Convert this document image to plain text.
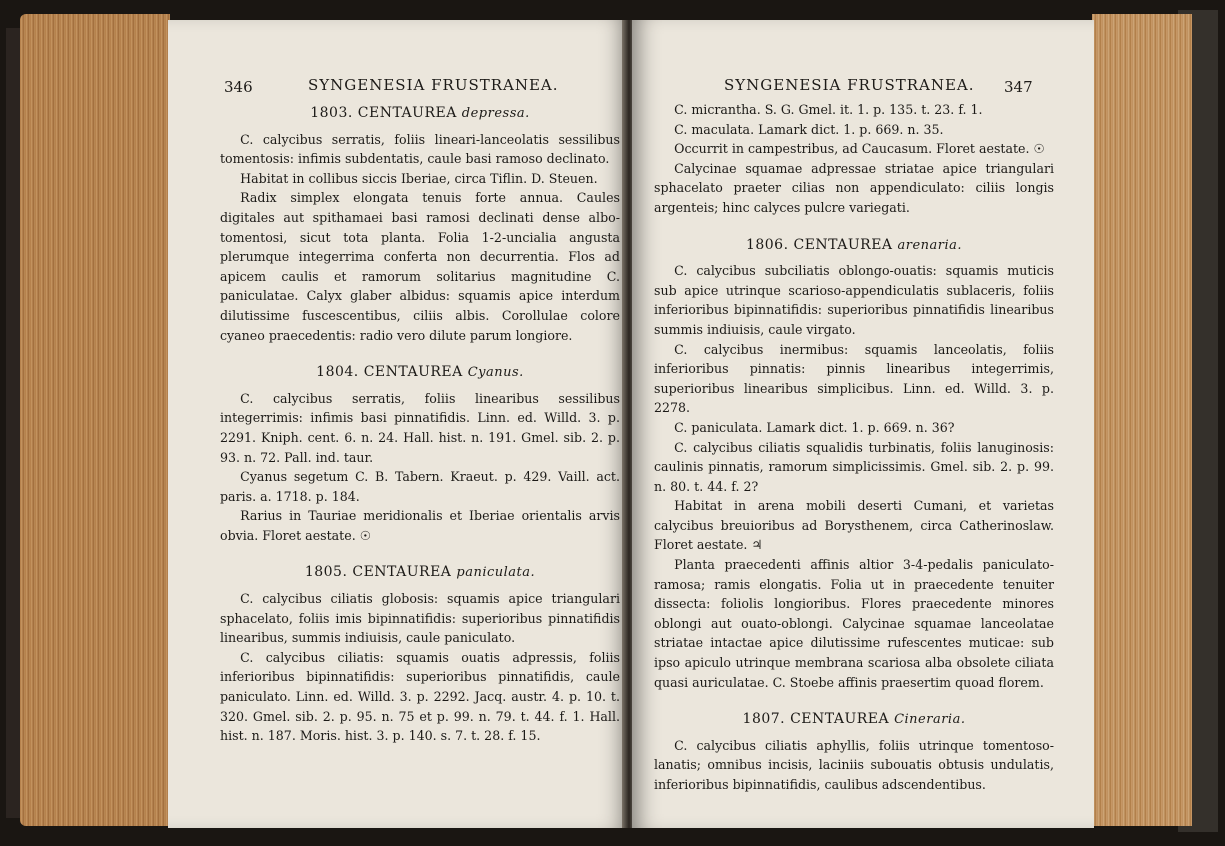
346	SYNGENESIA FRUSTRANEA.
1803. CENTAUREA depressa.

C. calycibus serratis, foliis lineari-lanceolatis sessilibus tomentosis: infimis subdentatis, caule basi ramoso declinato.

Habitat in collibus siccis Iberiae, circa Tiflin. D. Steuen.

Radix simplex elongata tenuis forte annua. Caules digitales aut spithamaei basi ramosi declinati dense albo-tomentosi, sicut tota planta. Folia 1-2-uncialia angusta plerumque integerrima conferta non decurrentia. Flos ad apicem caulis et ramorum solitarius magnitudine C. paniculatae. Calyx glaber albidus: squamis apice interdum dilutissime fuscescentibus, ciliis albis. Corollulae colore cyaneo praecedentis: radio vero dilute parum longiore.

1804. CENTAUREA Cyanus.

C. calycibus serratis, foliis linearibus sessilibus integerrimis: infimis basi pinnatifidis. Linn. ed. Willd. 3. p. 2291. Kniph. cent. 6. n. 24. Hall. hist. n. 191. Gmel. sib. 2. p. 93. n. 72. Pall. ind. taur.

Cyanus segetum C. B. Tabern. Kraeut. p. 429. Vaill. act. paris. a. 1718. p. 184.

Rarius in Tauriae meridionalis et Iberiae orientalis arvis obvia. Floret aestate. ☉

1805. CENTAUREA paniculata.

C. calycibus ciliatis globosis: squamis apice triangulari sphacelato, foliis imis bipinnatifidis: superioribus pinnatifidis linearibus, summis indiuisis, caule paniculato.

C. calycibus ciliatis: squamis ouatis adpressis, foliis inferioribus bipinnatifidis: superioribus pinnatifidis, caule paniculato. Linn. ed. Willd. 3. p. 2292. Jacq. austr. 4. p. 10. t. 320. Gmel. sib. 2. p. 95. n. 75 et p. 99. n. 79. t. 44. f. 1. Hall. hist. n. 187. Moris. hist. 3. p. 140. s. 7. t. 28. f. 15.

SYNGENESIA FRUSTRANEA. 347

C. micrantha. S. G. Gmel. it. 1. p. 135. t. 23. f. 1.

C. maculata. Lamark dict. 1. p. 669. n. 35.

Occurrit in campestribus, ad Caucasum. Floret aestate. ☉

Calycinae squamae adpressae striatae apice triangulari sphacelato praeter cilias non appendiculato: ciliis longis argenteis; hinc calyces pulcre variegati.

1806. CENTAUREA arenaria.

C. calycibus subciliatis oblongo-ouatis: squamis muticis sub apice utrinque scarioso-appendiculatis sublaceris, foliis inferioribus bipinnatifidis: superioribus pinnatifidis linearibus summis indiuisis, caule virgato.

C. calycibus inermibus: squamis lanceolatis, foliis inferioribus pinnatis: pinnis linearibus integerrimis, superioribus linearibus simplicibus. Linn. ed. Willd. 3. p. 2278.

C. paniculata. Lamark dict. 1. p. 669. n. 36?

C. calycibus ciliatis squalidis turbinatis, foliis lanuginosis: caulinis pinnatis, ramorum simplicissimis. Gmel. sib. 2. p. 99. n. 80. t. 44. f. 2?

Habitat in arena mobili deserti Cumani, et varietas calycibus breuioribus ad Borysthenem, circa Catherinoslaw. Floret aestate. ♃

Planta praecedenti affinis altior 3-4-pedalis paniculato-ramosa; ramis elongatis. Folia ut in praecedente tenuiter dissecta: foliolis longioribus. Flores praecedente minores oblongi aut ouato-oblongi. Calycinae squamae lanceolatae striatae intactae apice dilutissime rufescentes muticae: sub ipso apiculo utrinque membrana scariosa alba obsolete ciliata quasi auriculatae. C. Stoebe affinis praesertim quoad florem.

1807. CENTAUREA Cineraria.

C. calycibus ciliatis aphyllis, foliis utrinque tomentoso-lanatis; omnibus incisis, laciniis subouatis obtusis undulatis, inferioribus bipinnatifidis, caulibus adscendentibus.
